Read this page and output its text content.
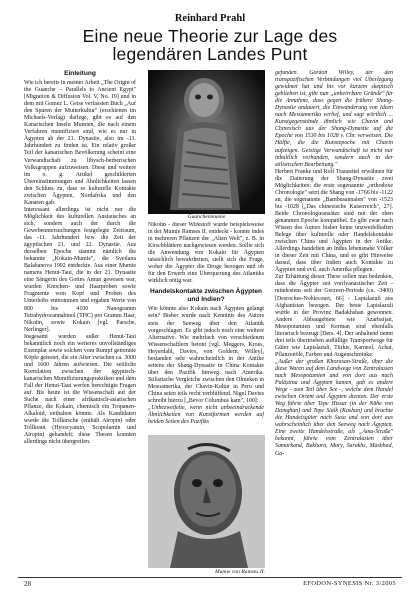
Reinhard Prahl
Eine neue Theorie zur Lage des
legendären Landes Punt
Einleitung

Wie ich bereits in meiner Arbeit „The Origin of the Guanche – Parallels to Ancient Egypt" [Migration & Diffusion Vol. V, No. 19] und in dem mit Gomez L. Geise verfassten Buch „Auf den Spuren der Mutterkultur" (erschienen im Michaels-Verlag) darlege, gibt es auf den Kanarischen Inseln Mumien, die nach einem Verfahren mumifiziert sind, wie es nur in Ägypten ab der 21. Dynastie, also im -11. Jahrhundert zu finden ist. Ein relativ großer Teil der kanarischen Bevölkerung scheint eine Verwandtschaft zu libysch-berberischen Volksgruppen aufzuweisen. Diese und weitere im o. g. Artikel geschilderten Übereinstimmungen und Ähnlichkeiten lassen den Schluss zu, dass es kulturelle Kontakte zwischen Ägypten, Nordafrika und den Kanaren gab.

Interessant allerdings ist nicht nur die Möglichkeit des kulturellen Austausches an sich, sondern auch der durch die Gewebeuntersuchungen festgelegte Zeitraum, das -11. Jahrhundert bzw. die Zeit der ägyptischen 21. und 22. Dynastie. Aus derselben Epoche stammt nämlich die bekannte „Kokain-Mumie", die Svetlana Balabanova 1992 entdeckte. Aus einer Mumie namens Henut-Taui, die in der 21. Dynastie eine Sängerin des Gottes Amun gewesen war, wurden Knochen- und Haarproben sowie Fragmente vom Kopf und Proben des Unterleibs entnommen und ergaben Werte von 800 bis 4100 Nanogramm Tetrahydrocannabinol (THC) pro Gramm Haar, Nikotin, sowie Kokain [vgl. Parsche, Nerlinger].

Insgesamt wurden außer Henut-Taui bekanntlich noch ein weiteres unvollständiges Exemplar sowie solchen vom Rumpf getrennte Köpfe getestet, die ein Alter zwischen ca. 3000 und 1600 Jahren aufwiesen. Die seitliche Korrelation zwischen der ägyptisch-kanarischen Mumifizierungspraktiken und dem Fall der Henut-Taui werfen berechtigte Fragen auf. Bis heute ist die Wissenschaft auf der Suche nach einer afrikanisch-asiatischen Pflanze, die Kokain, chemisch ein Tropanen-Alkaloid, enthalten könnte. Als Kandidaten wurde die Tollkirsche (enthält Atropin) oder Tollkraut (Hyoscyamin, Scopolamin und Atropin) gehandelt; diese Thesen konnten allerdings nicht übergreifen.

Guanchenmumie

Nikotin - dieser Wirkstoff wurde beispielsweise in der Mumie Ramses II. entdeckt - konnte indes in mehreren Pflanzen der „Alten Welt", z. B. in Kirschblättern nachgewiesen werden. Sollte sich die Anwendung von Kokain für Ägypten tatsächlich bewahrheiten, stellt sich die Frage, woher die Ägypter die Droge bezogen und ob für den Erwerb eine Überquerung des Atlantiks wirklich nötig war.

Handelskontakte zwischen Ägypten und Indien?

Wie könnte also Kokain nach Ägypten gelangt sein? Bisher wurde nach Kenntnis des Autors stets der Seeweg über den Atlantik vorgeschlagen. Es gibt jedoch noch eine weitere Alternative. Wie mehrfach von verschiedenen Wissenschaftlern betont [vgl. Meggers, Kroes, Heyerdahl, Davies, von Goldern, Willey], bestanden sehr wahrscheinlich in der Antike seitens der Shang-Dynastie in China Kontakte über den Pazifik hinweg nach Amerika. Stilistische Vergleiche zwischen den Olmeken in Mesoamerika, der Chavin-Kultur in Peru und China seien teils recht verblüffend. Nigel Davies schreibt hierzu [„Bevor Columbus kam", 100]:

„Unbezweifelte, wenn nicht unbeeindruckende Ähnlichkeiten von Kunstformen werden auf beiden Seiten des Pazifiks

Mumie von Ramses II.

gefunden. Gordon Willey, der den transpazifischen Verbindungen viel Überlegung gewidmet hat und bis vor kurzem skeptisch geblieben ist, gibt nun „unbeirrbare Gründe" für die Annahme, dass gegen die frühere Shang-Dynastie andauert, die Einwanderung von Ideen nach Mesoamerika verlief, und sagt wörtlich ... Kunstgegenstände ähnlich wie Chavin und Chinesisch aus der Shang-Dynastie auf die Epoche von 1530 bis 1028 v. Chr. verweisen. Die Hälfte, die die Kunstepoche mit Chavin aufzeigen. Geistige Verwandtschaft ist nicht nur inhaltlich vorhanden, sondern auch in der stilistischen Bearbeitung."

Herbert Franke und Rolf Trauzettel erwähnen für die Datierung der Shang-Dynastie zwei Möglichkeiten: die erste sogenannte „orthodoxe Chronologie" setzt die Shang von -1766 bis -1122 an, die sogenannte „Bambusannalen" von -1523 bis -1028 [„Das chinesische Kaiserreich", 27]. Beide Chronologieansätze sind mit der oben genannten Epoche kompatibel. Es gibt zwar nach Wissen des Autors bisher keine unzweifelhaften Belege über kulturelle oder Handelskontakte zwischen China und Ägypten in der Antike. Allerdings handelten an Indus lebensnahe Völker in dieser Zeit mit China, und es gibt Hinweise darauf, dass über Indien auch Kontakte zu Ägypten und evtl. auch Amerika pflegten.

Zur Erhärtung dieser These sollen nun bedenken, dass die Ägypter seit vorilyanastischer Zeit - mindestens seit der Gerzeen-Periode (ca. -3400) [Desroches-Noblecourt, 66] - Lapislazuli aus Afghanistan bezogen. Der beste Lapislazuli wurde in der Provinz Badakhshan gewonnen. Andere Abbaugebiete wie Azarbaijan, Mesopotamien und Kerman sind ebenfalls literarisch bezeugt [Ders. 4]. Der anhaltend nennt drei teils übertrieben auffällige Transportwege für Güter wie Lapislazuli, Türkis, Karneol, Achat, Pflanzenöle, Farben und Augenschminke:

„Außer der großen Khorasan-Straße, über die diese Waren auf dem Landwege von Zentralasien nach Mesopotamien und von dort aus nach Palästina und Ägypten kamen, gab es andere Wege - zum Teil über See -, welche dem Handel zwischen Orient und Ägypten dienten. Der erste Weg führte über Tepe Hissar (in der Nähe von Damghan) und Tepe Sialk (Kashan) und brachte die Handelsgüter nach Susa und von dort aus wahrscheinlich über den Seeweg nach Ägypten. Eine zweite Handelsstraße, als „Amu-Straße" bekannt, führte vom Zentralasien über Samarkand, Bukhara, Mary, Sarakhs, Mashhad, Ga-

28	EFODON-SYNESIS Nr. 3/2005
